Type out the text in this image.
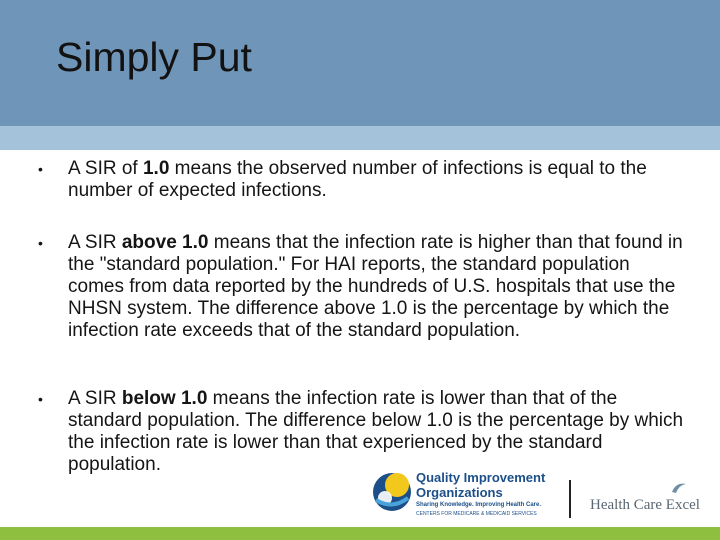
Simply Put
• A SIR of 1.0 means the observed number of infections is equal to the number of expected infections.
• A SIR above 1.0 means that the infection rate is higher than that found in the "standard population." For HAI reports, the standard population comes from data reported by the hundreds of U.S. hospitals that use the NHSN system. The difference above 1.0 is the percentage by which the infection rate exceeds that of the standard population.
• A SIR below 1.0 means the infection rate is lower than that of the standard population. The difference below 1.0 is the percentage by which the infection rate is lower than that experienced by the standard population.
Quality Improvement
Organizations
Sharing Knowledge. Improving Health Care.
CENTERS FOR MEDICARE & MEDICAID SERVICES
Health Care Excel
